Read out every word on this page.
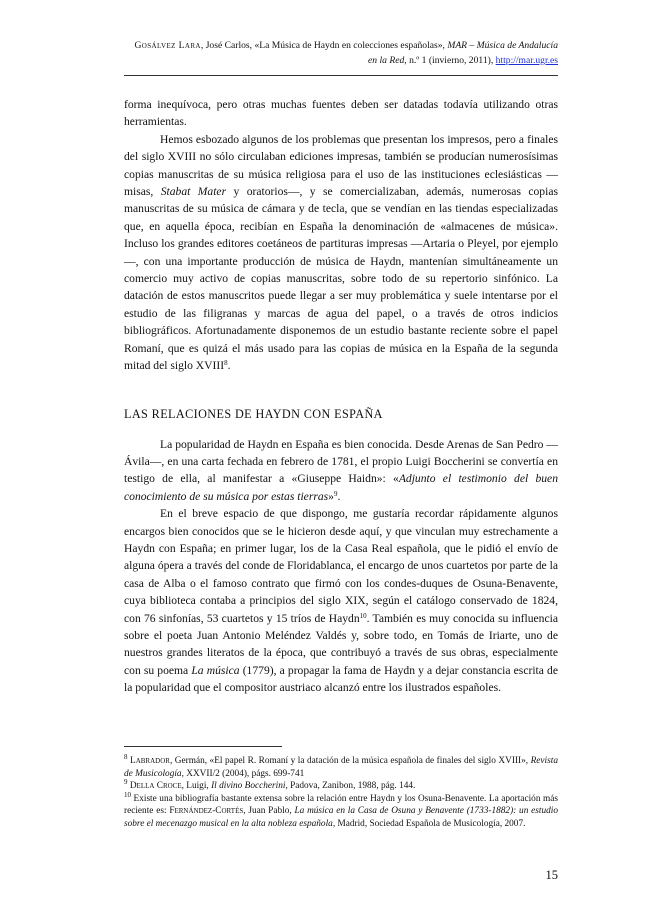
Gosálvez Lara, José Carlos, «La Música de Haydn en colecciones españolas», MAR – Música de Andalucía en la Red, n.º 1 (invierno, 2011), http://mar.ugr.es

forma inequívoca, pero otras muchas fuentes deben ser datadas todavía utilizando otras herramientas.

Hemos esbozado algunos de los problemas que presentan los impresos, pero a finales del siglo XVIII no sólo circulaban ediciones impresas, también se producían numerosísimas copias manuscritas de su música religiosa para el uso de las instituciones eclesiásticas —misas, Stabat Mater y oratorios—, y se comercializaban, además, numerosas copias manuscritas de su música de cámara y de tecla, que se vendían en las tiendas especializadas que, en aquella época, recibían en España la denominación de «almacenes de música». Incluso los grandes editores coetáneos de partituras impresas —Artaria o Pleyel, por ejemplo—, con una importante producción de música de Haydn, mantenían simultáneamente un comercio muy activo de copias manuscritas, sobre todo de su repertorio sinfónico. La datación de estos manuscritos puede llegar a ser muy problemática y suele intentarse por el estudio de las filigranas y marcas de agua del papel, o a través de otros indicios bibliográficos. Afortunadamente disponemos de un estudio bastante reciente sobre el papel Romaní, que es quizá el más usado para las copias de música en la España de la segunda mitad del siglo XVIII$^8$.

LAS RELACIONES DE HAYDN CON ESPAÑA

La popularidad de Haydn en España es bien conocida. Desde Arenas de San Pedro —Ávila—, en una carta fechada en febrero de 1781, el propio Luigi Boccherini se convertía en testigo de ella, al manifestar a «Giuseppe Haidn»: «Adjunto el testimonio del buen conocimiento de su música por estas tierras»$^9$.

En el breve espacio de que dispongo, me gustaría recordar rápidamente algunos encargos bien conocidos que se le hicieron desde aquí, y que vinculan muy estrechamente a Haydn con España; en primer lugar, los de la Casa Real española, que le pidió el envío de alguna ópera a través del conde de Floridablanca, el encargo de unos cuartetos por parte de la casa de Alba o el famoso contrato que firmó con los condes-duques de Osuna-Benavente, cuya biblioteca contaba a principios del siglo XIX, según el catálogo conservado de 1824, con 76 sinfonías, 53 cuartetos y 15 tríos de Haydn$^{10}$. También es muy conocida su influencia sobre el poeta Juan Antonio Meléndez Valdés y, sobre todo, en Tomás de Iriarte, uno de nuestros grandes literatos de la época, que contribuyó a través de sus obras, especialmente con su poema La música (1779), a propagar la fama de Haydn y a dejar constancia escrita de la popularidad que el compositor austriaco alcanzó entre los ilustrados españoles.

$^8$ Labrador, Germán, «El papel R. Romaní y la datación de la música española de finales del siglo XVIII», Revista de Musicología, XXVII/2 (2004), págs. 699-741

$^9$ Della Croce, Luigi, Il divino Boccherini, Padova, Zanibon, 1988, pág. 144.

$^{10}$ Existe una bibliografía bastante extensa sobre la relación entre Haydn y los Osuna-Benavente. La aportación más reciente es: Fernández-Cortés, Juan Pablo, La música en la Casa de Osuna y Benavente (1733-1882): un estudio sobre el mecenazgo musical en la alta nobleza española, Madrid, Sociedad Española de Musicología, 2007.

15
